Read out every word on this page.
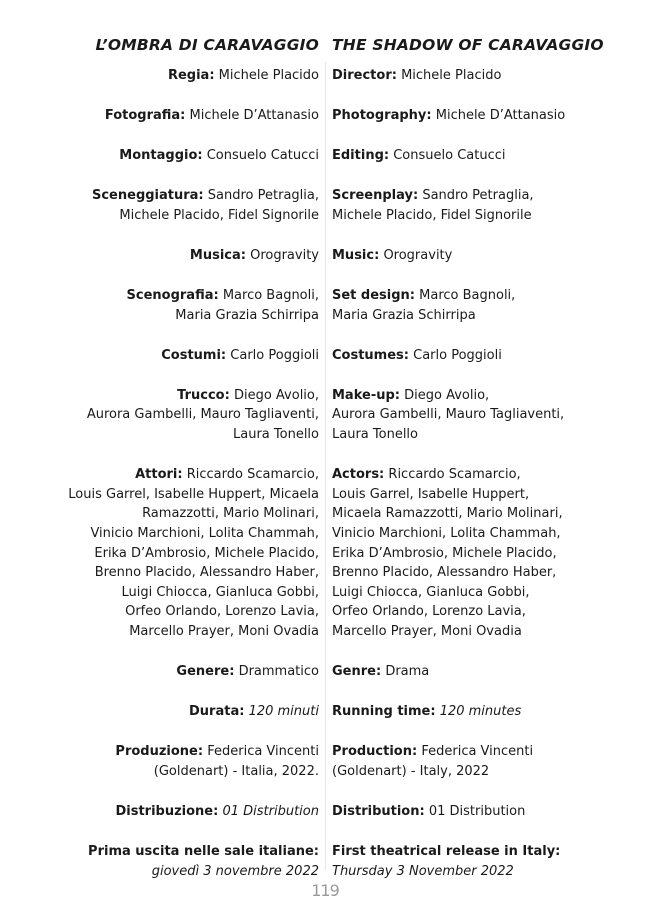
L’OMBRA DI CARAVAGGIO THE SHADOW OF CARAVAGGIO
Regia: Michele Placido
Fotografia: Michele D’Attanasio
Montaggio: Consuelo Catucci
Sceneggiatura: Sandro Petraglia,
Michele Placido, Fidel Signorile
Musica: Orogravity
Scenografia: Marco Bagnoli,
Maria Grazia Schirripa
Costumi: Carlo Poggioli
Trucco: Diego Avolio,
Aurora Gambelli, Mauro Tagliaventi,
Laura Tonello
Attori: Riccardo Scamarcio,
Louis Garrel, Isabelle Huppert, Micaela
Ramazzotti, Mario Molinari,
Vinicio Marchioni, Lolita Chammah,
Erika D’Ambrosio, Michele Placido,
Brenno Placido, Alessandro Haber,
Luigi Chiocca, Gianluca Gobbi,
Orfeo Orlando, Lorenzo Lavia,
Marcello Prayer, Moni Ovadia
Genere: Drammatico
Durata: 120 minuti
Produzione: Federica Vincenti
(Goldenart) - Italia, 2022.
Distribuzione: 01 Distribution
Prima uscita nelle sale italiane:
giovedì 3 novembre 2022
Director: Michele Placido
Photography: Michele D’Attanasio
Editing: Consuelo Catucci
Screenplay: Sandro Petraglia,
Michele Placido, Fidel Signorile
Music: Orogravity
Set design: Marco Bagnoli,
Maria Grazia Schirripa
Costumes: Carlo Poggioli
Make-up: Diego Avolio,
Aurora Gambelli, Mauro Tagliaventi,
Laura Tonello
Actors: Riccardo Scamarcio,
Louis Garrel, Isabelle Huppert,
Micaela Ramazzotti, Mario Molinari,
Vinicio Marchioni, Lolita Chammah,
Erika D’Ambrosio, Michele Placido,
Brenno Placido, Alessandro Haber,
Luigi Chiocca, Gianluca Gobbi,
Orfeo Orlando, Lorenzo Lavia,
Marcello Prayer, Moni Ovadia
Genre: Drama
Running time: 120 minutes
Production: Federica Vincenti
(Goldenart) - Italy, 2022
Distribution: 01 Distribution
First theatrical release in Italy:
Thursday 3 November 2022
119
